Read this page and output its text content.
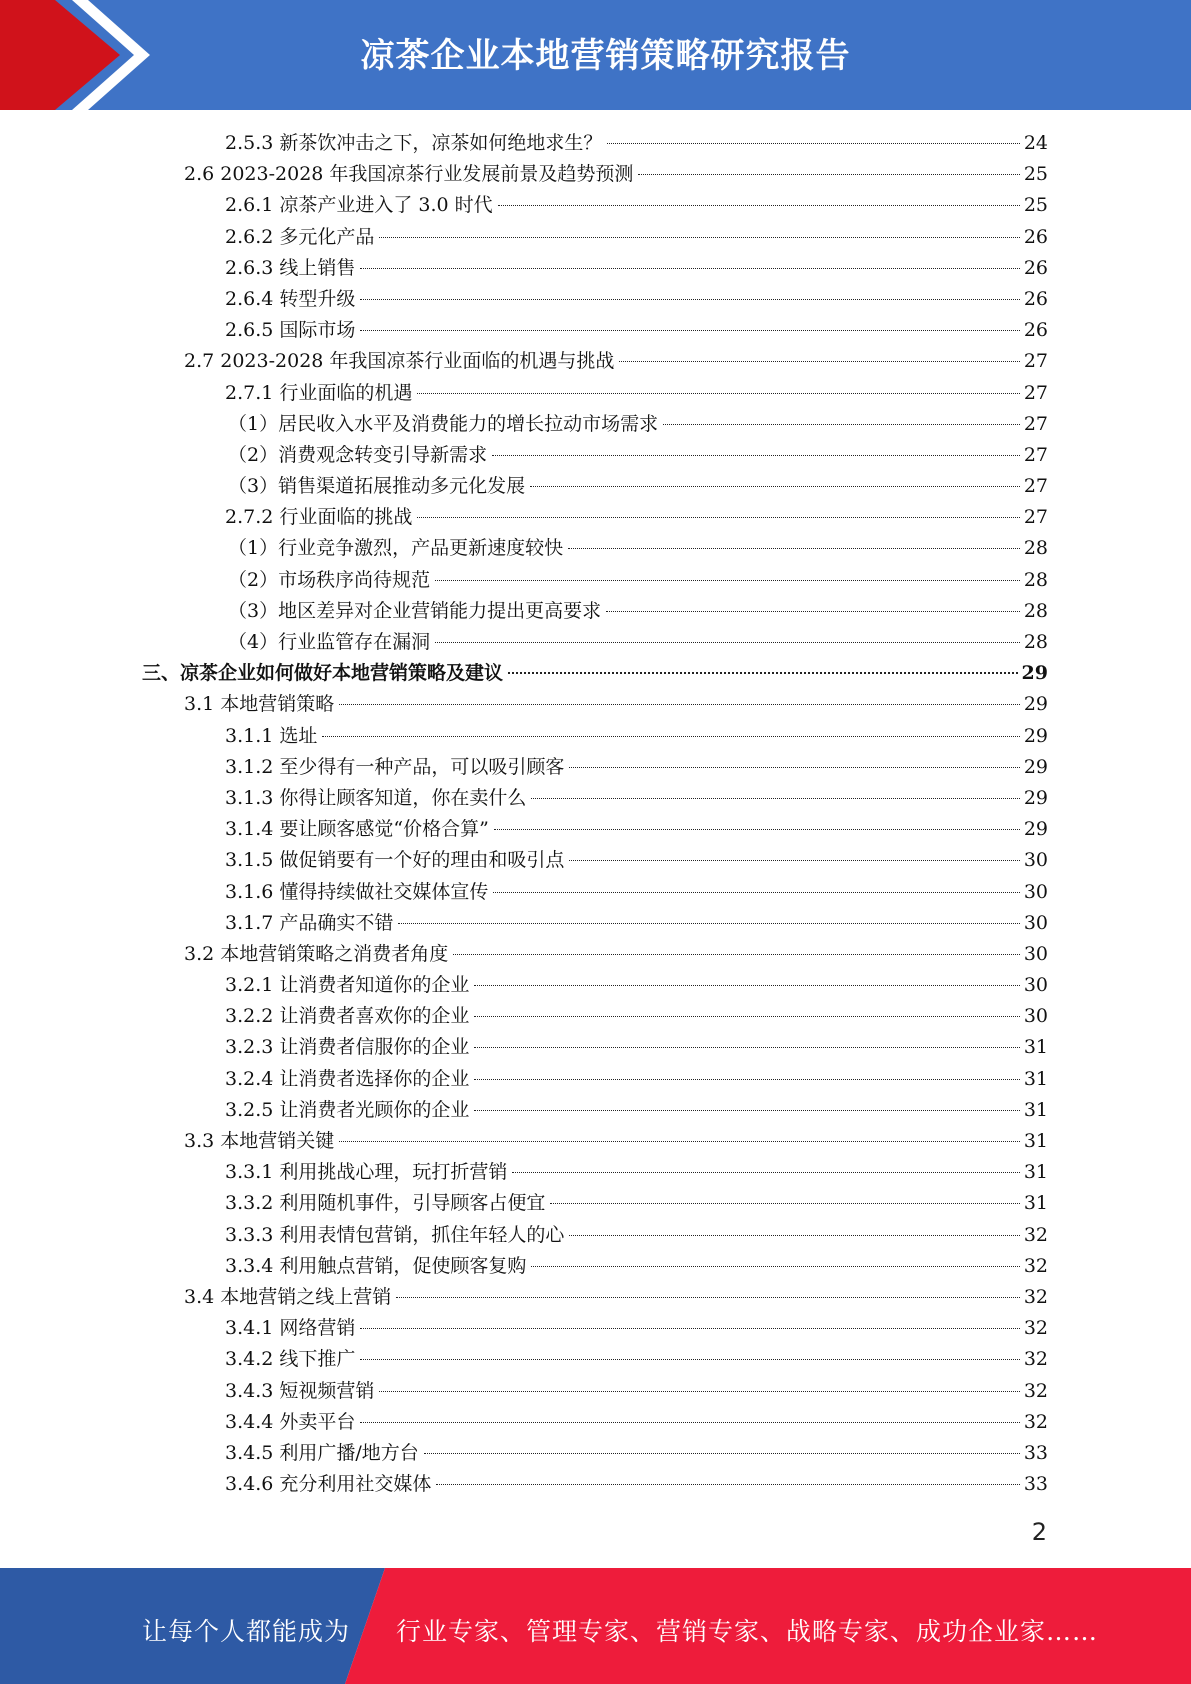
凉茶企业本地营销策略研究报告
2.5.3 新茶饮冲击之下，凉茶如何绝地求生？	24
2.6 2023-2028 年我国凉茶行业发展前景及趋势预测	25
2.6.1 凉茶产业进入了 3.0 时代	25
2.6.2 多元化产品	26
2.6.3 线上销售	26
2.6.4 转型升级	26
2.6.5 国际市场	26
2.7 2023-2028 年我国凉茶行业面临的机遇与挑战	27
2.7.1 行业面临的机遇	27
（1）居民收入水平及消费能力的增长拉动市场需求	27
（2）消费观念转变引导新需求	27
（3）销售渠道拓展推动多元化发展	27
2.7.2 行业面临的挑战	27
（1）行业竞争激烈，产品更新速度较快	28
（2）市场秩序尚待规范	28
（3）地区差异对企业营销能力提出更高要求	28
（4）行业监管存在漏洞	28
三、凉茶企业如何做好本地营销策略及建议	29
3.1 本地营销策略	29
3.1.1 选址	29
3.1.2 至少得有一种产品，可以吸引顾客	29
3.1.3 你得让顾客知道，你在卖什么	29
3.1.4 要让顾客感觉“价格合算”	29
3.1.5 做促销要有一个好的理由和吸引点	30
3.1.6 懂得持续做社交媒体宣传	30
3.1.7 产品确实不错	30
3.2 本地营销策略之消费者角度	30
3.2.1 让消费者知道你的企业	30
3.2.2 让消费者喜欢你的企业	30
3.2.3 让消费者信服你的企业	31
3.2.4 让消费者选择你的企业	31
3.2.5 让消费者光顾你的企业	31
3.3 本地营销关键	31
3.3.1 利用挑战心理，玩打折营销	31
3.3.2 利用随机事件，引导顾客占便宜	31
3.3.3 利用表情包营销，抓住年轻人的心	32
3.3.4 利用触点营销，促使顾客复购	32
3.4 本地营销之线上营销	32
3.4.1 网络营销	32
3.4.2 线下推广	32
3.4.3 短视频营销	32
3.4.4 外卖平台	32
3.4.5 利用广播/地方台	33
3.4.6 充分利用社交媒体	33
2
让每个人都能成为 行业专家、管理专家、营销专家、战略专家、成功企业家……
